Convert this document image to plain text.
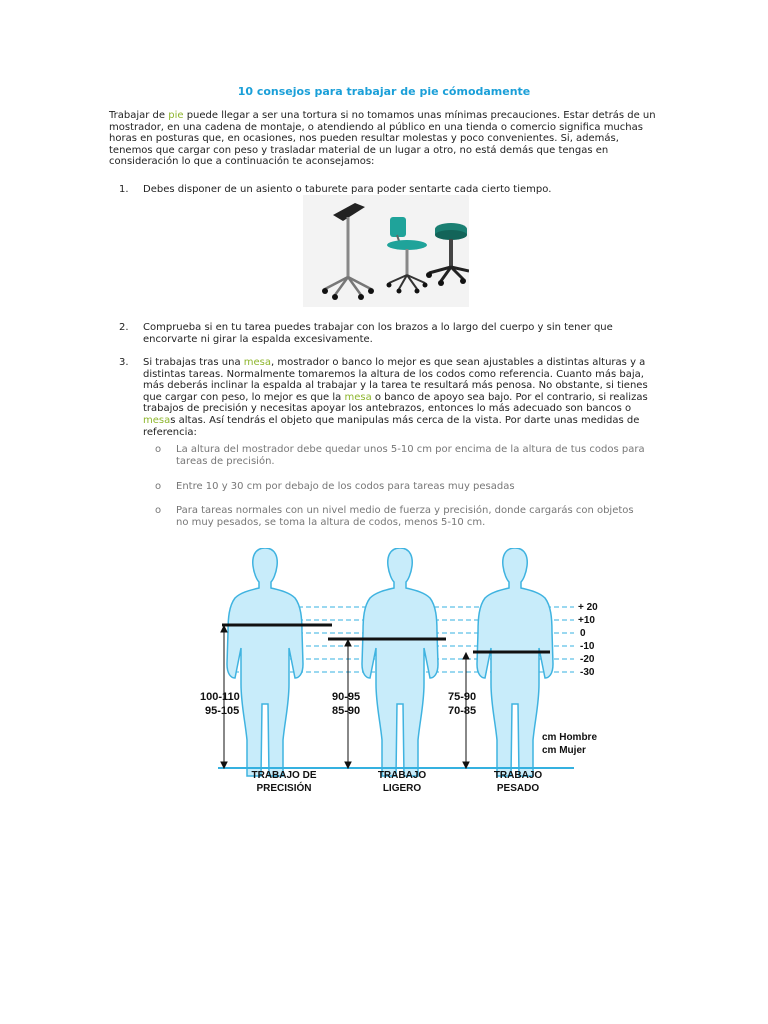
10 consejos para trabajar de pie cómodamente

Trabajar de pie puede llegar a ser una tortura si no tomamos unas mínimas precauciones. Estar detrás de un mostrador, en una cadena de montaje, o atendiendo al público en una tienda o comercio significa muchas horas en posturas que, en ocasiones, nos pueden resultar molestas y poco convenientes. Si, además, tenemos que cargar con peso y trasladar material de un lugar a otro, no está demás que tengas en consideración lo que a continuación te aconsejamos:

1. Debes disponer de un asiento o taburete para poder sentarte cada cierto tiempo.
2. Comprueba si en tu tarea puedes trabajar con los brazos a lo largo del cuerpo y sin tener que encorvarte ni girar la espalda excesivamente.
3. Si trabajas tras una mesa, mostrador o banco lo mejor es que sean ajustables a distintas alturas y a distintas tareas. Normalmente tomaremos la altura de los codos como referencia. Cuanto más baja, más deberás inclinar la espalda al trabajar y la tarea te resultará más penosa. No obstante, si tienes que cargar con peso, lo mejor es que la mesa o banco de apoyo sea bajo. Por el contrario, si realizas trabajos de precisión y necesitas apoyar los antebrazos, entonces lo más adecuado son bancos o mesas altas. Así tendrás el objeto que manipulas más cerca de la vista. Por darte unas medidas de referencia:
o La altura del mostrador debe quedar unos 5-10 cm por encima de la altura de tus codos para tareas de precisión.
o Entre 10 y 30 cm por debajo de los codos para tareas muy pesadas
o Para tareas normales con un nivel medio de fuerza y precisión, donde cargarás con objetos no muy pesados, se toma la altura de codos, menos 5-10 cm.
+ 20
+10
0
-10
-20
-30
100-110
95-105
90-95
85-90
75-90
70-85
cm Hombre
cm Mujer
TRABAJO DE
PRECISIÓN
TRABAJO
LIGERO
TRABAJO
PESADO
